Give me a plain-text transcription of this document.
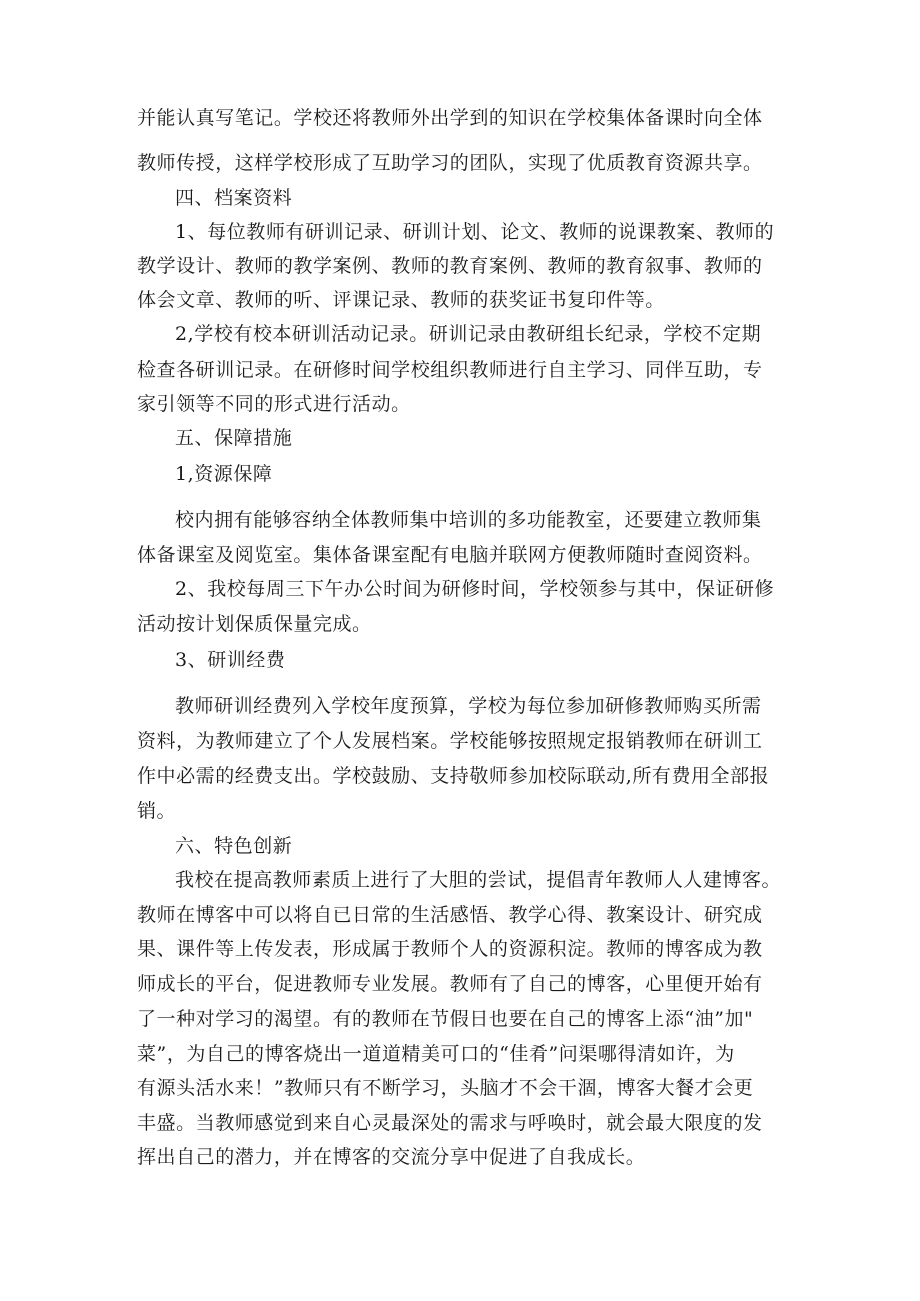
并能认真写笔记。学校还将教师外出学到的知识在学校集体备课时向全体
教师传授，这样学校形成了互助学习的团队，实现了优质教育资源共享。
四、档案资料
1、每位教师有研训记录、研训计划、论文、教师的说课教案、教师的
教学设计、教师的教学案例、教师的教育案例、教师的教育叙事、教师的
体会文章、教师的听、评课记录、教师的获奖证书复印件等。
2,学校有校本研训活动记录。研训记录由教研组长纪录，学校不定期
检查各研训记录。在研修时间学校组织教师进行自主学习、同伴互助，专
家引领等不同的形式进行活动。
五、保障措施
1,资源保障
校内拥有能够容纳全体教师集中培训的多功能教室，还要建立教师集
体备课室及阅览室。集体备课室配有电脑并联网方便教师随时查阅资料。
2、我校每周三下午办公时间为研修时间，学校领参与其中，保证研修
活动按计划保质保量完成。
3、研训经费
教师研训经费列入学校年度预算，学校为每位参加研修教师购买所需
资料，为教师建立了个人发展档案。学校能够按照规定报销教师在研训工
作中必需的经费支出。学校鼓励、支持敬师参加校际联动,所有费用全部报
销。
六、特色创新
我校在提高教师素质上进行了大胆的尝试，提倡青年教师人人建博客。
教师在博客中可以将自已日常的生活感悟、教学心得、教案设计、研究成
果、课件等上传发表，形成属于教师个人的资源积淀。教师的博客成为教
师成长的平台，促进教师专业发展。教师有了自己的博客，心里便开始有
了一种对学习的渴望。有的教师在节假日也要在自己的博客上添“油”加"
菜”，为自己的博客烧出一道道精美可口的“佳肴”问渠哪得清如许，为
有源头活水来！”教师只有不断学习，头脑才不会干涸，博客大餐才会更
丰盛。当教师感觉到来自心灵最深处的需求与呼唤时，就会最大限度的发
挥出自己的潜力，并在博客的交流分享中促进了自我成长。
